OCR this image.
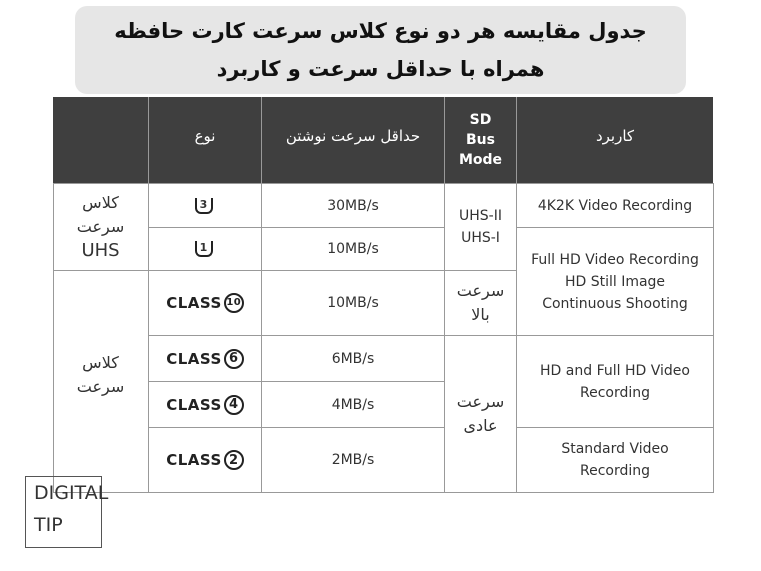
جدول مقایسه هر دو نوع کلاس سرعت کارت حافظه
همراه با حداقل سرعت و کاربرد
نوع	حداقل سرعت نوشتن
SD
Bus
Mode
کاربرد
کلاس
سرعت
UHS
کلاس
سرعت
3
1
CLASS 10
CLASS 6
CLASS 4
CLASS 2
30MB/s
10MB/s
10MB/s
6MB/s
4MB/s
2MB/s
UHS-II
UHS-I
سرعت
بالا
سرعت
عادی
4K2K Video Recording
Full HD Video Recording
HD Still Image
Continuous Shooting
HD and Full HD Video
Recording
Standard Video
Recording
DIGITAL
TIP
